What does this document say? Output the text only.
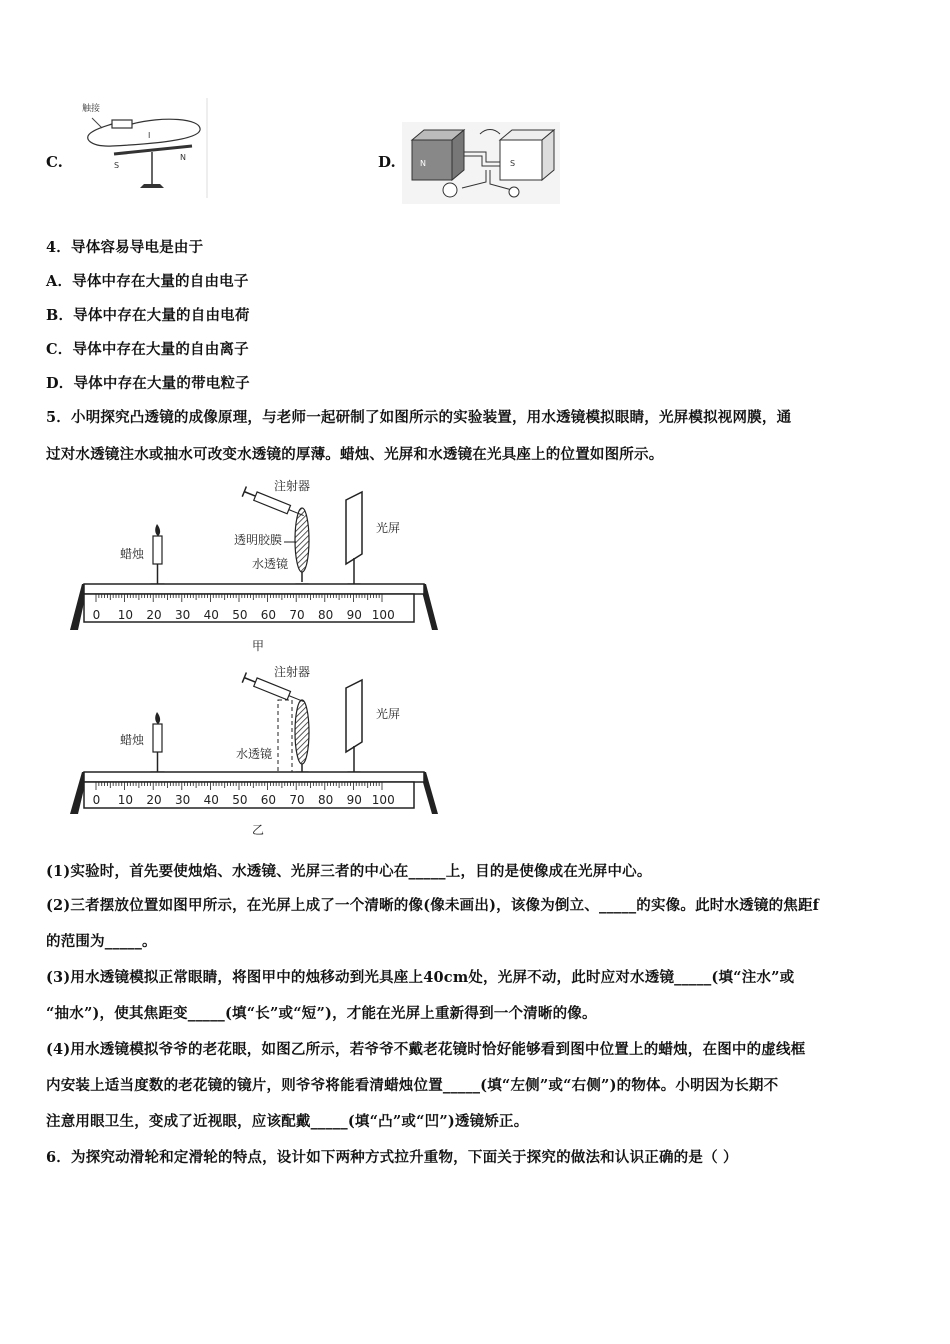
C.
触接
I
S
N	D.	N	S
4．导体容易导电是由于
A．导体中存在大量的自由电子
B．导体中存在大量的自由电荷
C．导体中存在大量的自由离子
D．导体中存在大量的带电粒子
5．小明探究凸透镜的成像原理，与老师一起研制了如图所示的实验装置，用水透镜模拟眼睛，光屏模拟视网膜，通
过对水透镜注水或抽水可改变水透镜的厚薄。蜡烛、光屏和水透镜在光具座上的位置如图所示。
注射器
透明胶膜
水透镜
蜡烛
光屏
0 10 20 30 40 50 60 70 80 90 100
甲
注射器
水透镜
蜡烛
光屏
0 10 20 30 40 50 60 70 80 90 100
乙
(1)实验时，首先要使烛焰、水透镜、光屏三者的中心在_____上，目的是使像成在光屏中心。
(2)三者摆放位置如图甲所示，在光屏上成了一个清晰的像(像未画出)，该像为倒立、_____的实像。此时水透镜的焦距f
的范围为_____。
(3)用水透镜模拟正常眼睛，将图甲中的烛移动到光具座上40cm处，光屏不动，此时应对水透镜_____(填“注水”或
“抽水”)，使其焦距变_____(填“长”或“短”)，才能在光屏上重新得到一个清晰的像。
(4)用水透镜模拟爷爷的老花眼，如图乙所示，若爷爷不戴老花镜时恰好能够看到图中位置上的蜡烛，在图中的虚线框
内安装上适当度数的老花镜的镜片，则爷爷将能看清蜡烛位置_____(填“左侧”或“右侧”)的物体。小明因为长期不
注意用眼卫生，变成了近视眼，应该配戴_____(填“凸”或“凹”)透镜矫正。
6．为探究动滑轮和定滑轮的特点，设计如下两种方式拉升重物，下面关于探究的做法和认识正确的是（ ）
